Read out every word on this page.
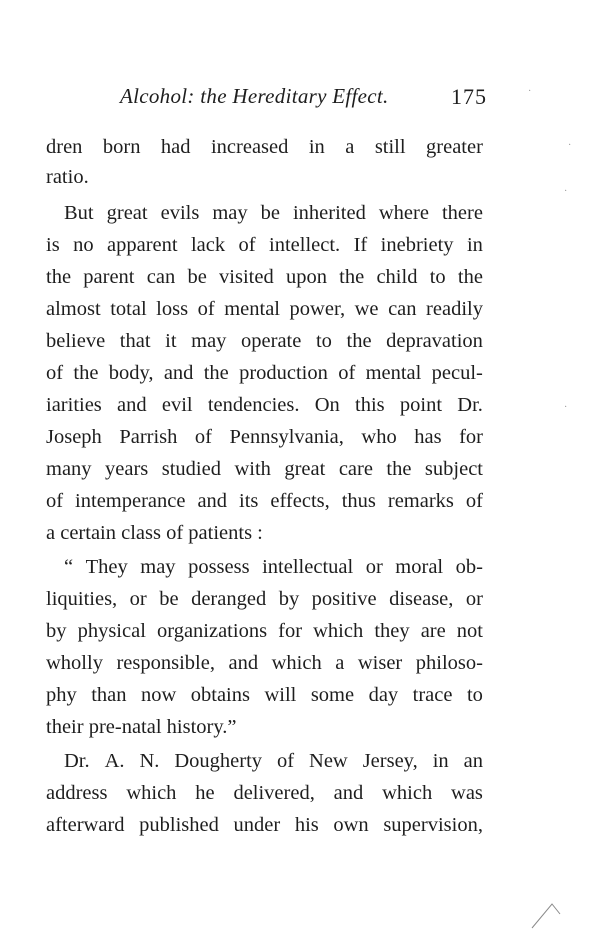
Alcohol: the Hereditary Effect.	175
dren born had increased in a still greater
ratio.
But great evils may be inherited where there
is no apparent lack of intellect. If inebriety in
the parent can be visited upon the child to the
almost total loss of mental power, we can readily
believe that it may operate to the depravation
of the body, and the production of mental pecul-
iarities and evil tendencies. On this point Dr.
Joseph Parrish of Pennsylvania, who has for
many years studied with great care the subject
of intemperance and its effects, thus remarks of
a certain class of patients :
“ They may possess intellectual or moral ob-
liquities, or be deranged by positive disease, or
by physical organizations for which they are not
wholly responsible, and which a wiser philoso-
phy than now obtains will some day trace to
their pre-natal history.”
Dr. A. N. Dougherty of New Jersey, in an
address which he delivered, and which was
afterward published under his own supervision,
·
·
·
·
